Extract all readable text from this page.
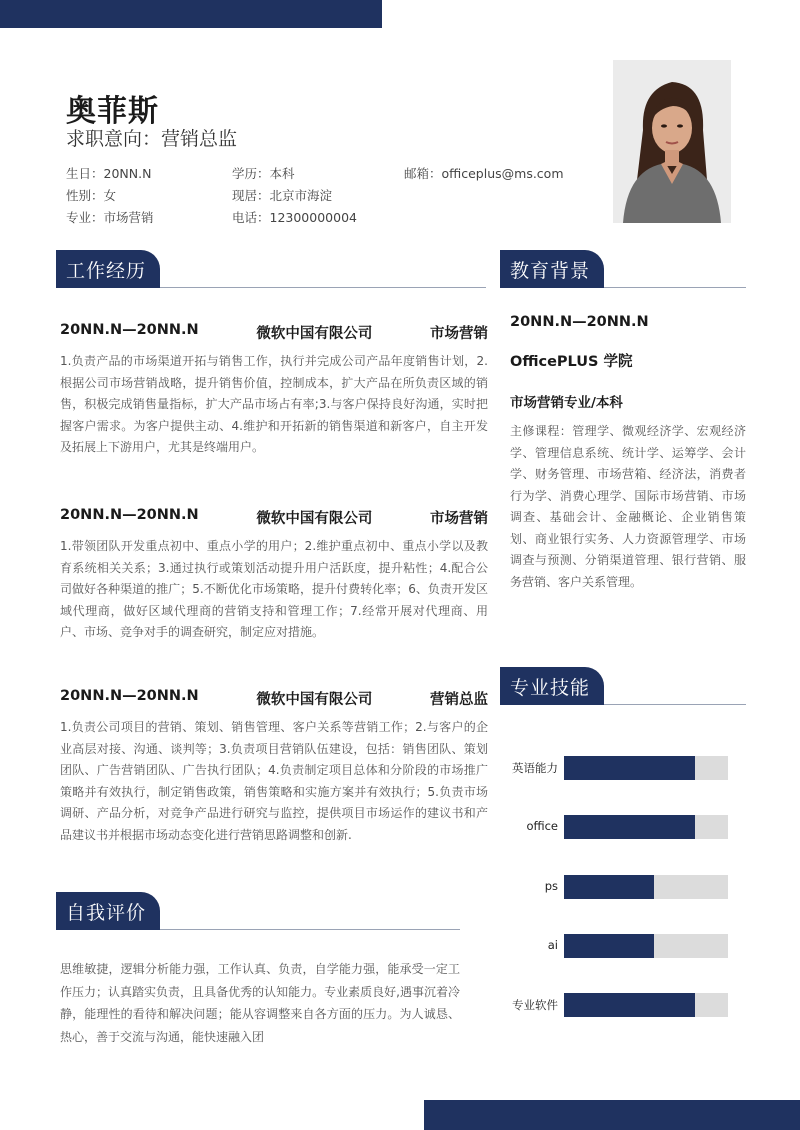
奥菲斯
求职意向：营销总监
生日：20NN.N
性别：女
专业：市场营销
学历：本科
现居：北京市海淀
电话：12300000004
邮箱：officeplus@ms.com
工作经历
20NN.N—20NN.N	微软中国有限公司	市场营销
1.负责产品的市场渠道开拓与销售工作，执行并完成公司产品年度销售计划，2.根据公司市场营销战略，提升销售价值，控制成本，扩大产品在所负责区域的销售，积极完成销售量指标，扩大产品市场占有率;3.与客户保持良好沟通，实时把握客户需求。为客户提供主动、4.维护和开拓新的销售渠道和新客户，自主开发及拓展上下游用户，尤其是终端用户。
20NN.N—20NN.N	微软中国有限公司	市场营销
1.带领团队开发重点初中、重点小学的用户；2.维护重点初中、重点小学以及教育系统相关关系；3.通过执行或策划活动提升用户活跃度，提升粘性；4.配合公司做好各种渠道的推广；5.不断优化市场策略，提升付费转化率；6、负责开发区域代理商，做好区域代理商的营销支持和管理工作；7.经常开展对代理商、用户、市场、竞争对手的调查研究，制定应对措施。
20NN.N—20NN.N	微软中国有限公司	营销总监
1.负责公司项目的营销、策划、销售管理、客户关系等营销工作；2.与客户的企业高层对接、沟通、谈判等；3.负责项目营销队伍建设，包括：销售团队、策划团队、广告营销团队、广告执行团队；4.负责制定项目总体和分阶段的市场推广策略并有效执行，制定销售政策，销售策略和实施方案并有效执行；5.负责市场调研、产品分析，对竞争产品进行研究与监控，提供项目市场运作的建议书和产品建议书并根据市场动态变化进行营销思路调整和创新.
自我评价
思维敏捷，逻辑分析能力强，工作认真、负责，自学能力强，能承受一定工作压力；认真踏实负责，且具备优秀的认知能力。专业素质良好,遇事沉着冷静，能理性的看待和解决问题；能从容调整来自各方面的压力。为人诚恳、热心，善于交流与沟通，能快速融入团
教育背景
20NN.N—20NN.N
OfficePLUS 学院
市场营销专业/本科
主修课程：管理学、微观经济学、宏观经济学、管理信息系统、统计学、运筹学、会计学、财务管理、市场营箱、经济法，消费者行为学、消费心理学、国际市场营销、市场调查、基础会计、金融概论、企业销售策划、商业银行实务、人力资源管理学、市场调查与预测、分销渠道管理、银行营销、服务营销、客户关系管理。
专业技能
英语能力
office
ps
ai
专业软件
